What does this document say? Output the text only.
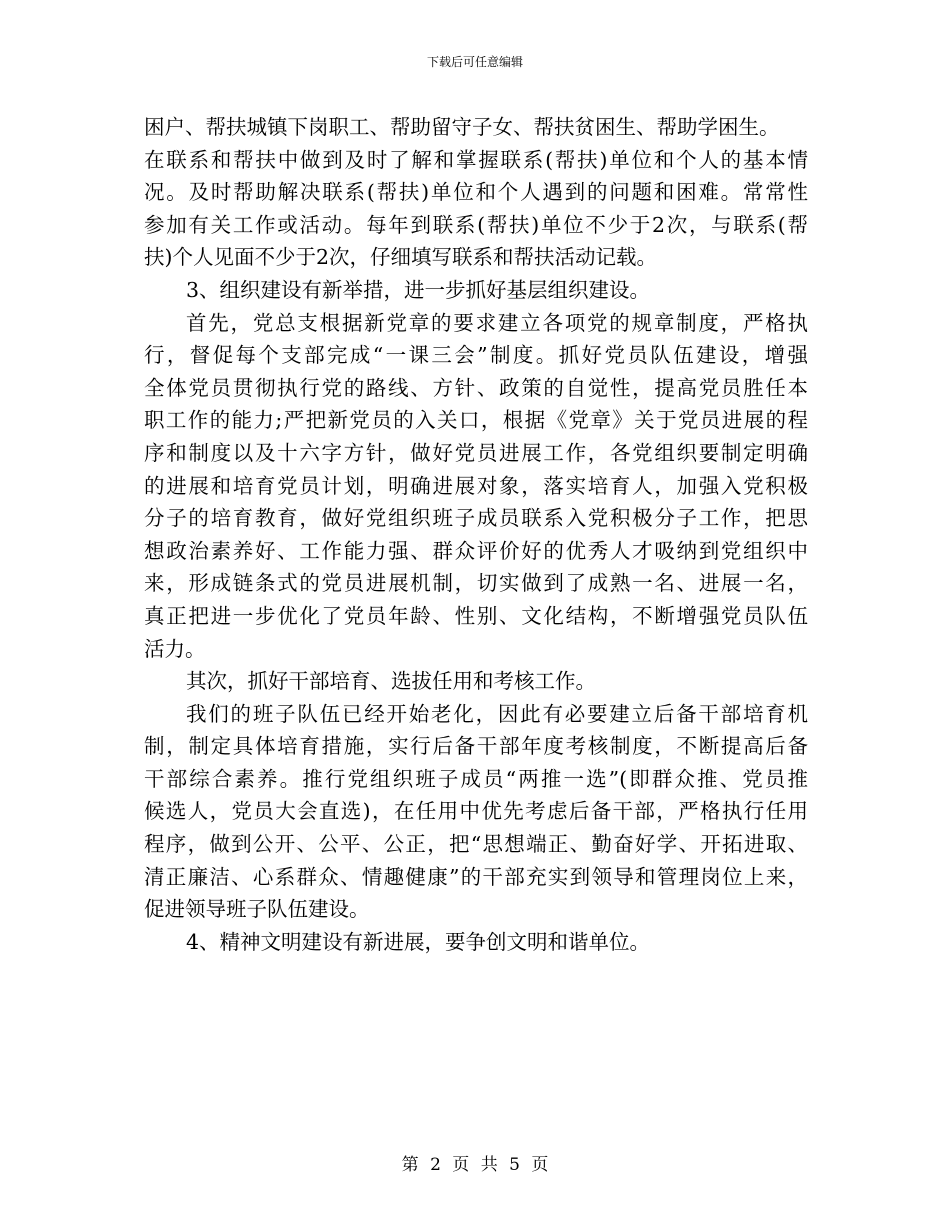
下载后可任意编辑
困户、帮扶城镇下岗职工、帮助留守子女、帮扶贫困生、帮助学困生。
在联系和帮扶中做到及时了解和掌握联系(帮扶)单位和个人的基本情
况。及时帮助解决联系(帮扶)单位和个人遇到的问题和困难。常常性
参加有关工作或活动。每年到联系(帮扶)单位不少于2次，与联系(帮
扶)个人见面不少于2次，仔细填写联系和帮扶活动记载。
3、组织建设有新举措，进一步抓好基层组织建设。
首先，党总支根据新党章的要求建立各项党的规章制度，严格执
行，督促每个支部完成“一课三会”制度。抓好党员队伍建设，增强
全体党员贯彻执行党的路线、方针、政策的自觉性，提高党员胜任本
职工作的能力;严把新党员的入关口，根据《党章》关于党员进展的程
序和制度以及十六字方针，做好党员进展工作，各党组织要制定明确
的进展和培育党员计划，明确进展对象，落实培育人，加强入党积极
分子的培育教育，做好党组织班子成员联系入党积极分子工作，把思
想政治素养好、工作能力强、群众评价好的优秀人才吸纳到党组织中
来，形成链条式的党员进展机制，切实做到了成熟一名、进展一名，
真正把进一步优化了党员年龄、性别、文化结构，不断增强党员队伍
活力。
其次，抓好干部培育、选拔任用和考核工作。
我们的班子队伍已经开始老化，因此有必要建立后备干部培育机
制，制定具体培育措施，实行后备干部年度考核制度，不断提高后备
干部综合素养。推行党组织班子成员“两推一选”(即群众推、党员推
候选人，党员大会直选)，在任用中优先考虑后备干部，严格执行任用
程序，做到公开、公平、公正，把“思想端正、勤奋好学、开拓进取、
清正廉洁、心系群众、情趣健康”的干部充实到领导和管理岗位上来，
促进领导班子队伍建设。
4、精神文明建设有新进展，要争创文明和谐单位。
第 2 页 共 5 页
